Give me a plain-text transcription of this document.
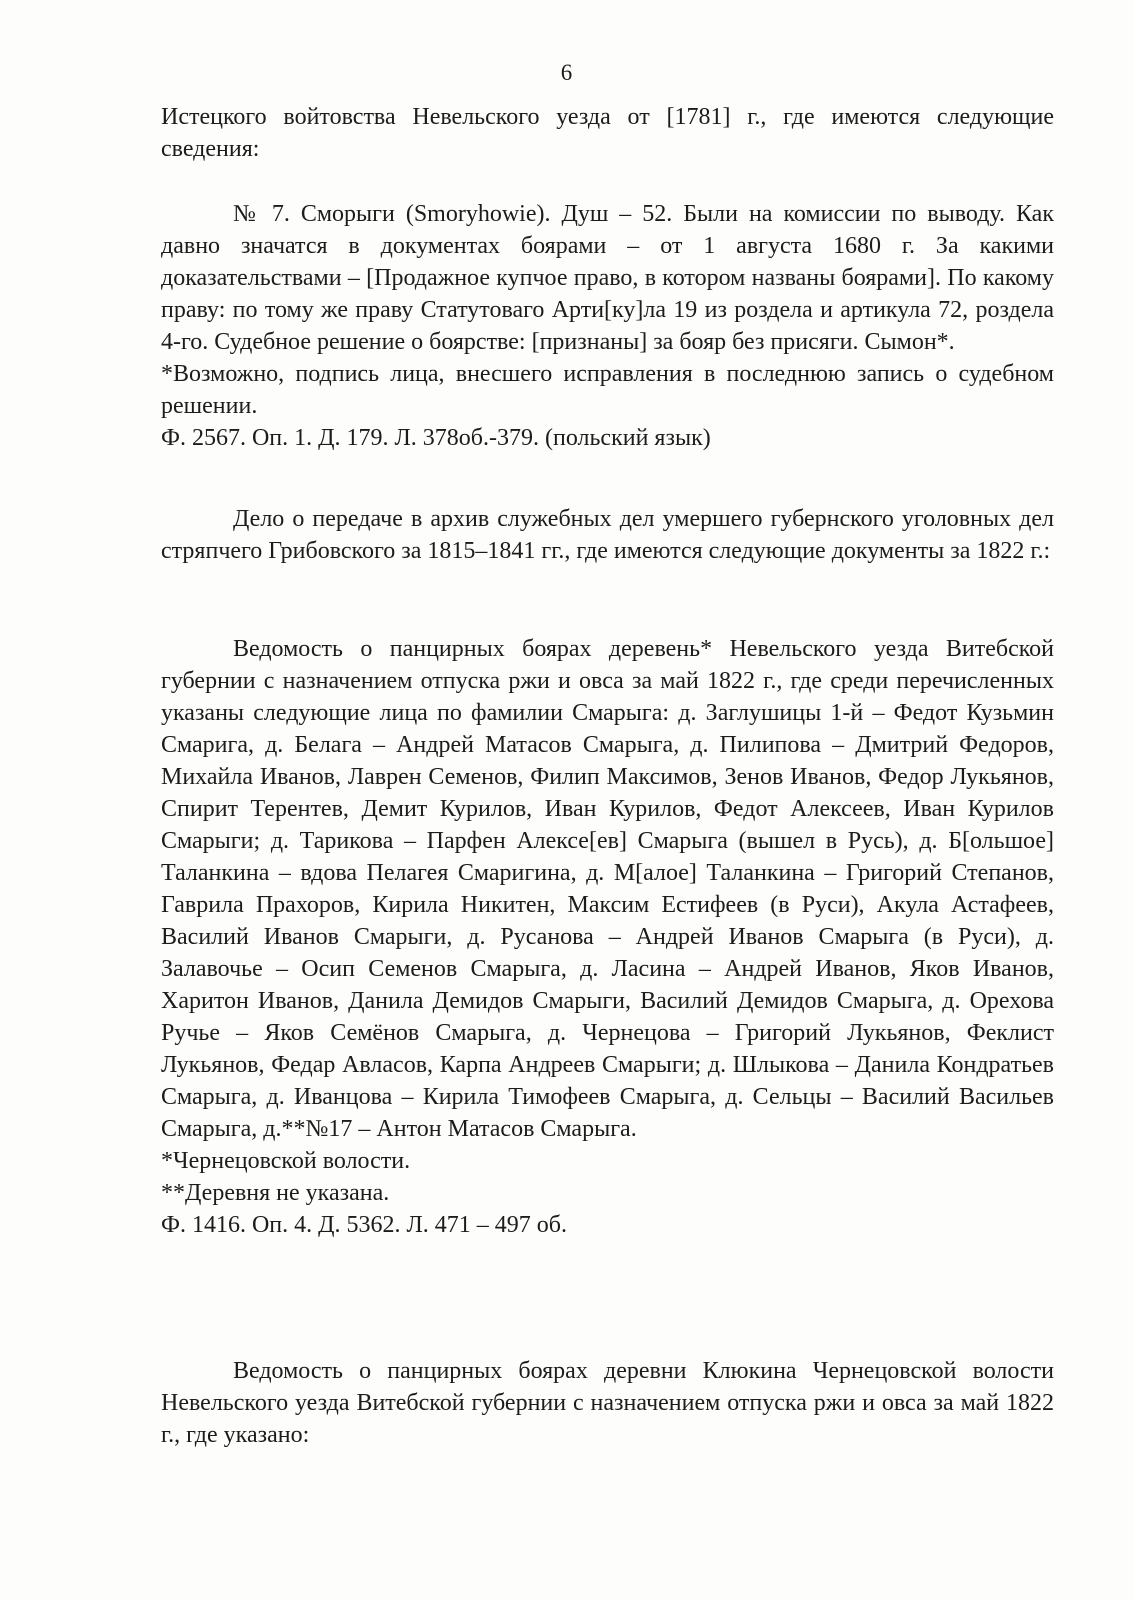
6
Истецкого войтовства Невельского уезда от [1781] г., где имеются следующие сведения:
№ 7. Сморыги (Smoryhowie). Душ – 52. Были на комиссии по выводу. Как давно значатся в документах боярами – от 1 августа 1680 г. За какими доказательствами – [Продажное купчое право, в котором названы боярами]. По какому праву: по тому же праву Статутоваго Арти[ку]ла 19 из роздела и артикула 72, роздела 4-го. Судебное решение о боярстве: [признаны] за бояр без присяги. Сымон*.
*Возможно, подпись лица, внесшего исправления в последнюю запись о судебном решении.
Ф. 2567. Оп. 1. Д. 179. Л. 378об.-379. (польский язык)
Дело о передаче в архив служебных дел умершего губернского уголовных дел стряпчего Грибовского за 1815–1841 гг., где имеются следующие документы за 1822 г.:
Ведомость о панцирных боярах деревень* Невельского уезда Витебской губернии с назначением отпуска ржи и овса за май 1822 г., где среди перечисленных указаны следующие лица по фамилии Смарыга: д. Заглушицы 1-й – Федот Кузьмин Смарига, д. Белага – Андрей Матасов Смарыга, д. Пилипова – Дмитрий Федоров, Михайла Иванов, Лаврен Семенов, Филип Максимов, Зенов Иванов, Федор Лукьянов, Спирит Терентев, Демит Курилов, Иван Курилов, Федот Алексеев, Иван Курилов Смарыги; д. Тарикова – Парфен Алексе[ев] Смарыга (вышел в Русь), д. Б[ольшое] Таланкина – вдова Пелагея Смаригина, д. М[алое] Таланкина – Григорий Степанов, Гаврила Прахоров, Кирила Никитен, Максим Естифеев (в Руси), Акула Астафеев, Василий Иванов Смарыги, д. Русанова – Андрей Иванов Смарыга (в Руси), д. Залавочье – Осип Семенов Смарыга, д. Ласина – Андрей Иванов, Яков Иванов, Харитон Иванов, Данила Демидов Смарыги, Василий Демидов Смарыга, д. Орехова Ручье – Яков Семёнов Смарыга, д. Чернецова – Григорий Лукьянов, Феклист Лукьянов, Федар Авласов, Карпа Андреев Смарыги; д. Шлыкова – Данила Кондратьев Смарыга, д. Иванцова – Кирила Тимофеев Смарыга, д. Сельцы – Василий Васильев Смарыга, д.**№17 – Антон Матасов Смарыга.
*Чернецовской волости.
**Деревня не указана.
Ф. 1416. Оп. 4. Д. 5362. Л. 471 – 497 об.
Ведомость о панцирных боярах деревни Клюкина Чернецовской волости Невельского уезда Витебской губернии с назначением отпуска ржи и овса за май 1822 г., где указано:
